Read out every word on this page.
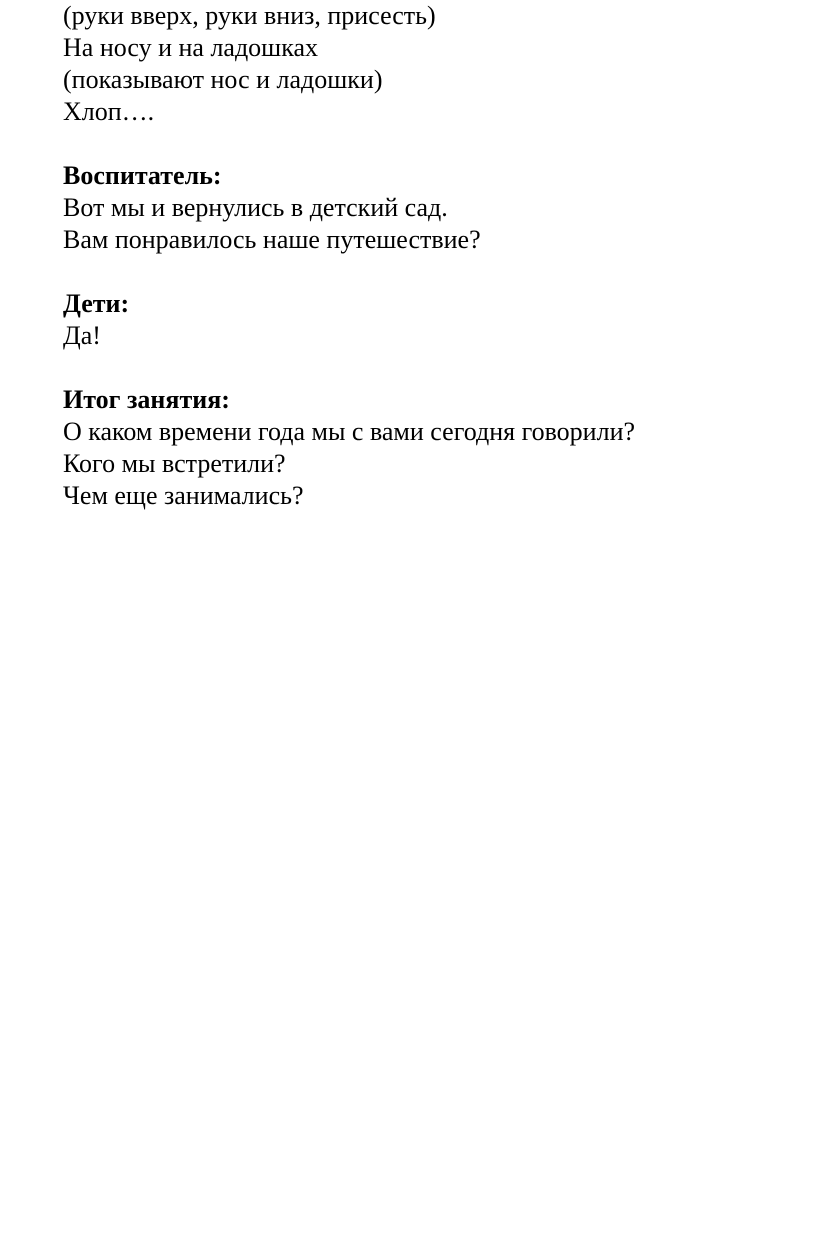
(руки вверх, руки вниз, присесть)
На носу и на ладошках
(показывают нос и ладошки)
Хлоп….
Воспитатель:
Вот мы и вернулись в детский сад.
Вам понравилось наше путешествие?
Дети:
Да!
Итог занятия:
О каком времени года мы с вами сегодня говорили?
Кого мы встретили?
Чем еще занимались?
